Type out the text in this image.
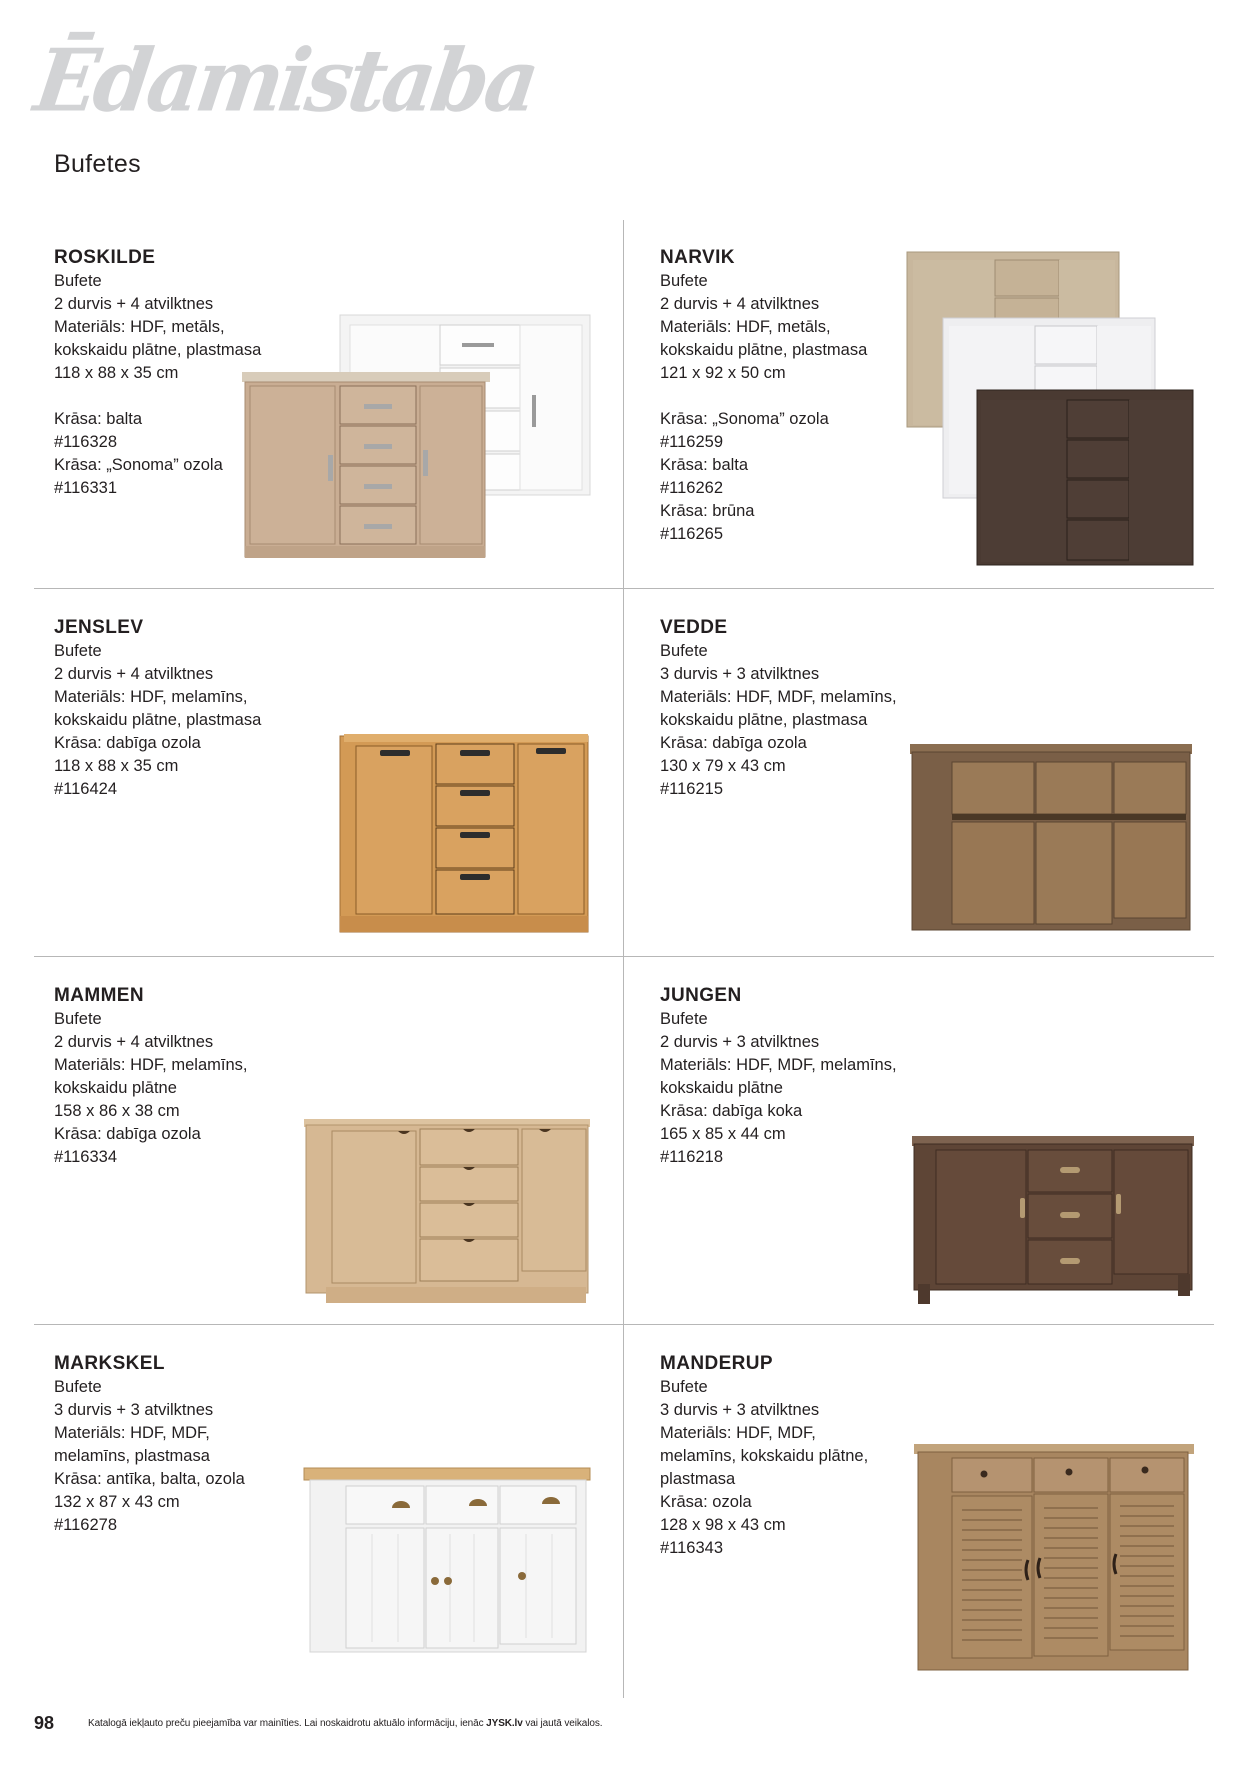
Ēdamistaba
Bufetes
ROSKILDE
Bufete
2 durvis + 4 atvilktnes
Materiāls: HDF, metāls,
kokskaidu plātne, plastmasa
118 x 88 x 35 cm
Krāsa: balta
#116328
Krāsa: „Sonoma” ozola
#116331
NARVIK
Bufete
2 durvis + 4 atvilktnes
Materiāls: HDF, metāls,
kokskaidu plātne, plastmasa
121 x 92 x 50 cm
Krāsa: „Sonoma” ozola
#116259
Krāsa: balta
#116262
Krāsa: brūna
#116265
JENSLEV
Bufete
2 durvis + 4 atvilktnes
Materiāls: HDF, melamīns,
kokskaidu plātne, plastmasa
Krāsa: dabīga ozola
118 x 88 x 35 cm
#116424
VEDDE
Bufete
3 durvis + 3 atvilktnes
Materiāls: HDF, MDF, melamīns,
kokskaidu plātne, plastmasa
Krāsa: dabīga ozola
130 x 79 x 43 cm
#116215
MAMMEN
Bufete
2 durvis + 4 atvilktnes
Materiāls: HDF, melamīns,
kokskaidu plātne
158 x 86 x 38 cm
Krāsa: dabīga ozola
#116334
JUNGEN
Bufete
2 durvis + 3 atvilktnes
Materiāls: HDF, MDF, melamīns,
kokskaidu plātne
Krāsa: dabīga koka
165 x 85 x 44 cm
#116218
MARKSKEL
Bufete
3 durvis + 3 atvilktnes
Materiāls: HDF, MDF,
melamīns, plastmasa
Krāsa: antīka, balta, ozola
132 x 87 x 43 cm
#116278
MANDERUP
Bufete
3 durvis + 3 atvilktnes
Materiāls: HDF, MDF,
melamīns, kokskaidu plātne,
plastmasa
Krāsa: ozola
128 x 98 x 43 cm
#116343
98	Katalogā iekļauto preču pieejamība var mainīties. Lai noskaidrotu aktuālo informāciju, ienāc JYSK.lv vai jautā veikalos.
